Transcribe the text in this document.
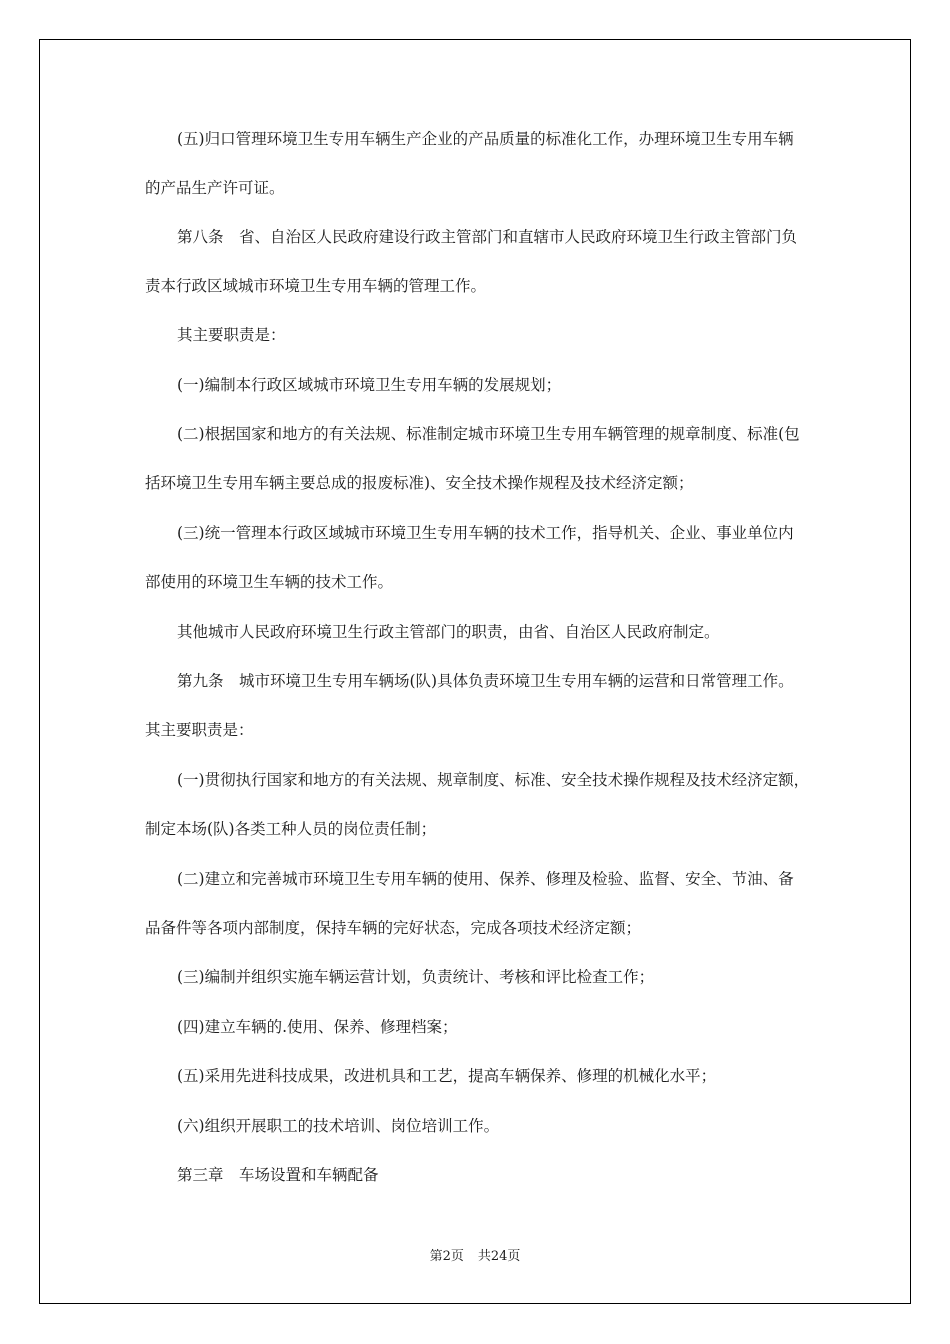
(五)归口管理环境卫生专用车辆生产企业的产品质量的标准化工作，办理环境卫生专用车辆
的产品生产许可证。
第八条　省、自治区人民政府建设行政主管部门和直辖市人民政府环境卫生行政主管部门负
责本行政区域城市环境卫生专用车辆的管理工作。
其主要职责是：
(一)编制本行政区域城市环境卫生专用车辆的发展规划；
(二)根据国家和地方的有关法规、标准制定城市环境卫生专用车辆管理的规章制度、标准(包
括环境卫生专用车辆主要总成的报废标准)、安全技术操作规程及技术经济定额；
(三)统一管理本行政区域城市环境卫生专用车辆的技术工作，指导机关、企业、事业单位内
部使用的环境卫生车辆的技术工作。
其他城市人民政府环境卫生行政主管部门的职责，由省、自治区人民政府制定。
第九条　城市环境卫生专用车辆场(队)具体负责环境卫生专用车辆的运营和日常管理工作。
其主要职责是：
(一)贯彻执行国家和地方的有关法规、规章制度、标准、安全技术操作规程及技术经济定额，
制定本场(队)各类工种人员的岗位责任制；
(二)建立和完善城市环境卫生专用车辆的使用、保养、修理及检验、监督、安全、节油、备
品备件等各项内部制度，保持车辆的完好状态，完成各项技术经济定额；
(三)编制并组织实施车辆运营计划，负责统计、考核和评比检查工作；
(四)建立车辆的.使用、保养、修理档案；
(五)采用先进科技成果，改进机具和工艺，提高车辆保养、修理的机械化水平；
(六)组织开展职工的技术培训、岗位培训工作。
第三章　车场设置和车辆配备
第2页 共24页
